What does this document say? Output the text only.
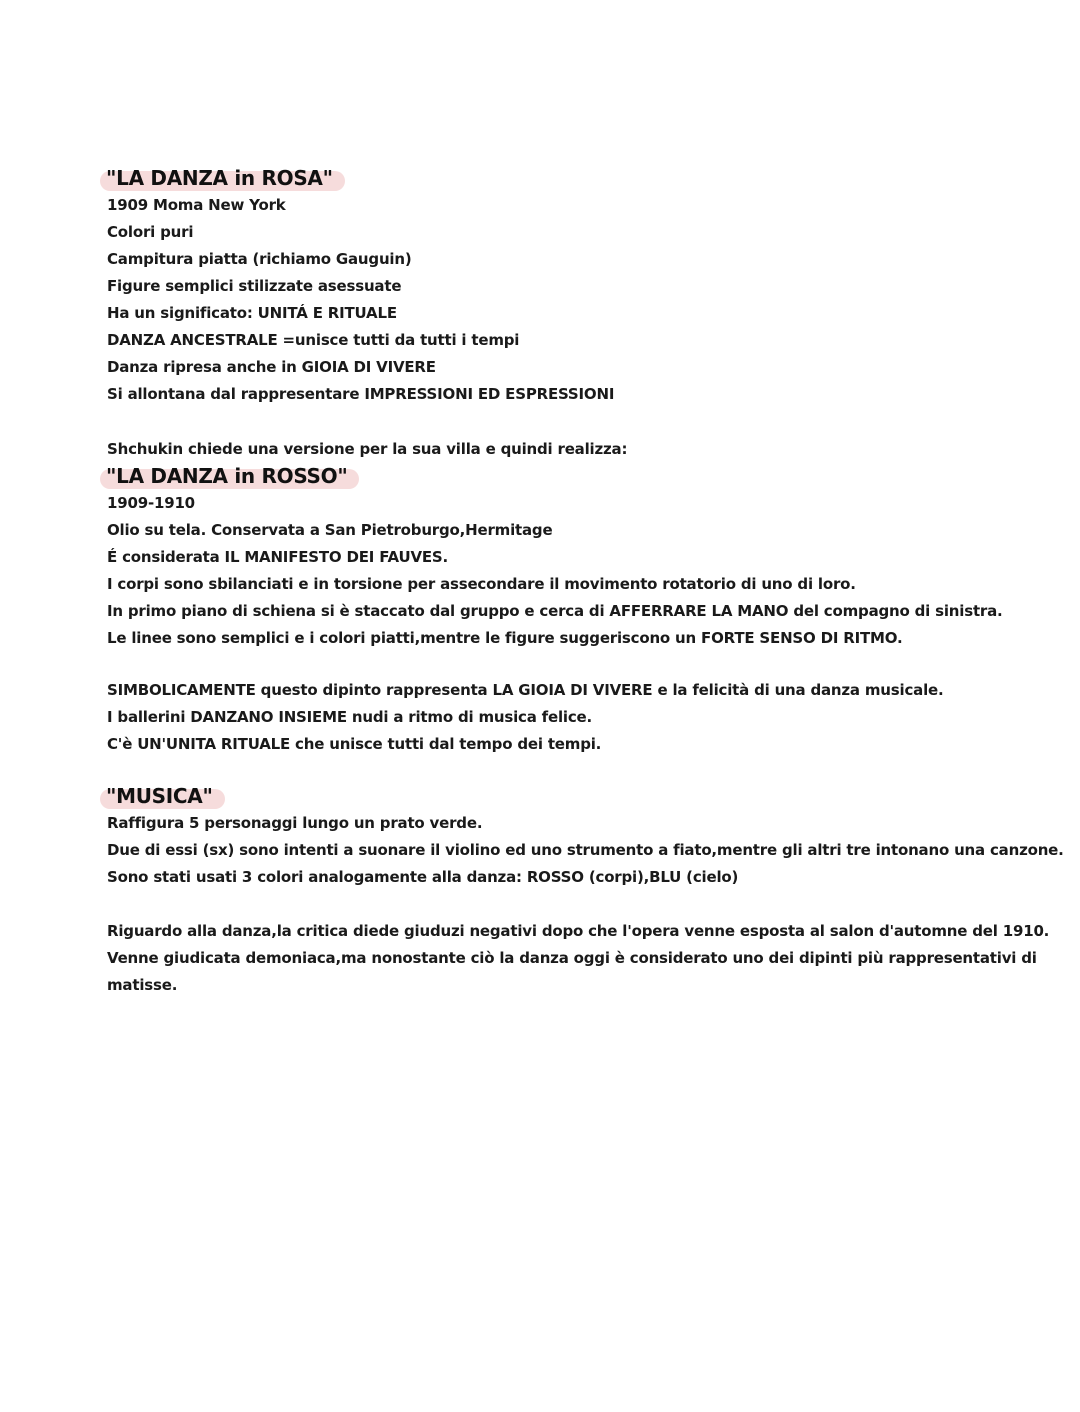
"LA DANZA in ROSA"
1909 Moma New York
Colori puri
Campitura piatta (richiamo Gauguin)
Figure semplici stilizzate asessuate
Ha un significato: UNITÁ E RITUALE
DANZA ANCESTRALE =unisce tutti da tutti i tempi
Danza ripresa anche in GIOIA DI VIVERE
Si allontana dal rappresentare IMPRESSIONI ED ESPRESSIONI
Shchukin chiede una versione per la sua villa e quindi realizza:
"LA DANZA in ROSSO"
1909-1910
Olio su tela. Conservata a San Pietroburgo,Hermitage
É considerata IL MANIFESTO DEI FAUVES.
I corpi sono sbilanciati e in torsione per assecondare il movimento rotatorio di uno di loro.
In primo piano di schiena si è staccato dal gruppo e cerca di AFFERRARE LA MANO del compagno di sinistra.
Le linee sono semplici e i colori piatti,mentre le figure suggeriscono un FORTE SENSO DI RITMO.
SIMBOLICAMENTE questo dipinto rappresenta LA GIOIA DI VIVERE e la felicità di una danza musicale.
I ballerini DANZANO INSIEME nudi a ritmo di musica felice.
C'è UN'UNITA RITUALE che unisce tutti dal tempo dei tempi.
"MUSICA"
Raffigura 5 personaggi lungo un prato verde.
Due di essi (sx) sono intenti a suonare il violino ed uno strumento a fiato,mentre gli altri tre intonano una canzone.
Sono stati usati 3 colori analogamente alla danza: ROSSO (corpi),BLU (cielo)
Riguardo alla danza,la critica diede giuduzi negativi dopo che l'opera venne esposta al salon d'automne del 1910.
Venne giudicata demoniaca,ma nonostante ciò la danza oggi è considerato uno dei dipinti più rappresentativi di
matisse.
